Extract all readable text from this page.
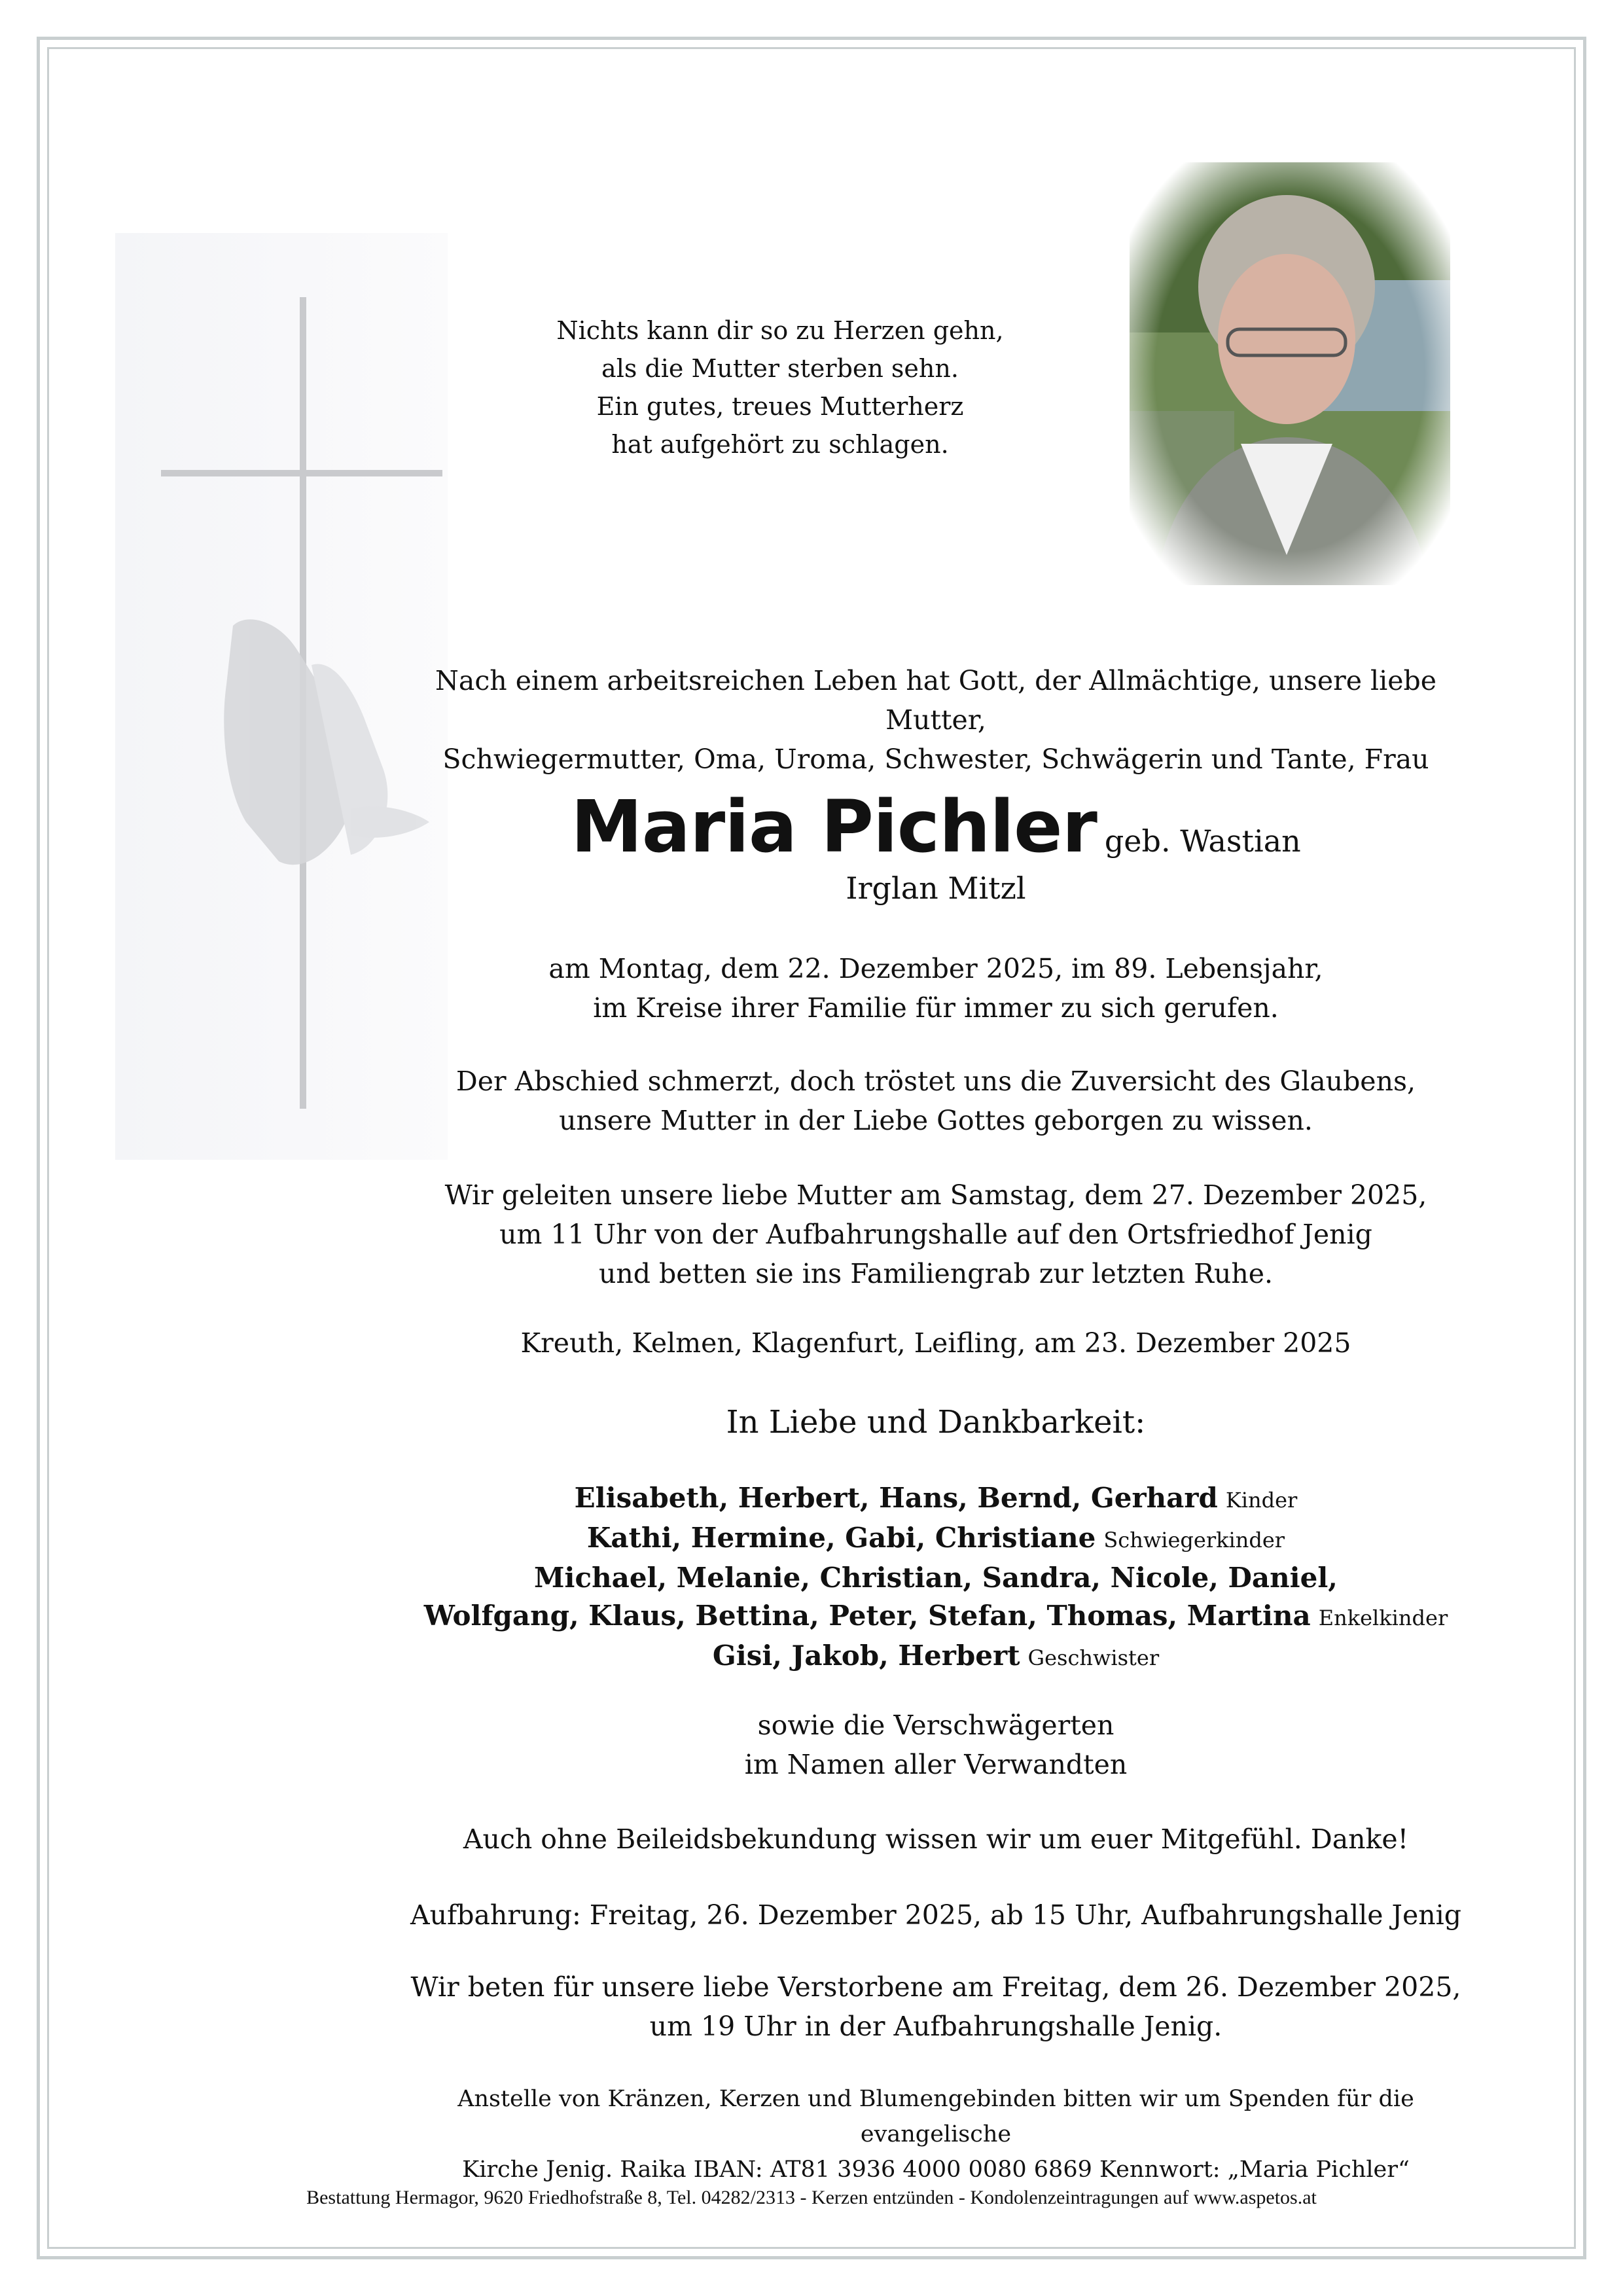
Nichts kann dir so zu Herzen gehn,
als die Mutter sterben sehn.
Ein gutes, treues Mutterherz
hat aufgehört zu schlagen.
Nach einem arbeitsreichen Leben hat Gott, der Allmächtige, unsere liebe Mutter,
Schwiegermutter, Oma, Uroma, Schwester, Schwägerin und Tante, Frau
Maria Pichler geb. Wastian
Irglan Mitzl
am Montag, dem 22. Dezember 2025, im 89. Lebensjahr,
im Kreise ihrer Familie für immer zu sich gerufen.
Der Abschied schmerzt, doch tröstet uns die Zuversicht des Glaubens,
unsere Mutter in der Liebe Gottes geborgen zu wissen.
Wir geleiten unsere liebe Mutter am Samstag, dem 27. Dezember 2025,
um 11 Uhr von der Aufbahrungshalle auf den Ortsfriedhof Jenig
und betten sie ins Familiengrab zur letzten Ruhe.
Kreuth, Kelmen, Klagenfurt, Leifling, am 23. Dezember 2025
In Liebe und Dankbarkeit:
Elisabeth, Herbert, Hans, Bernd, Gerhard Kinder
Kathi, Hermine, Gabi, Christiane Schwiegerkinder
Michael, Melanie, Christian, Sandra, Nicole, Daniel,
Wolfgang, Klaus, Bettina, Peter, Stefan, Thomas, Martina Enkelkinder
Gisi, Jakob, Herbert Geschwister
sowie die Verschwägerten
im Namen aller Verwandten
Auch ohne Beileidsbekundung wissen wir um euer Mitgefühl. Danke!
Aufbahrung: Freitag, 26. Dezember 2025, ab 15 Uhr, Aufbahrungshalle Jenig
Wir beten für unsere liebe Verstorbene am Freitag, dem 26. Dezember 2025,
um 19 Uhr in der Aufbahrungshalle Jenig.
Anstelle von Kränzen, Kerzen und Blumengebinden bitten wir um Spenden für die evangelische
Kirche Jenig. Raika IBAN: AT81 3936 4000 0080 6869 Kennwort: „Maria Pichler“
Bestattung Hermagor, 9620 Friedhofstraße 8, Tel. 04282/2313 - Kerzen entzünden - Kondolenzeintragungen auf www.aspetos.at
